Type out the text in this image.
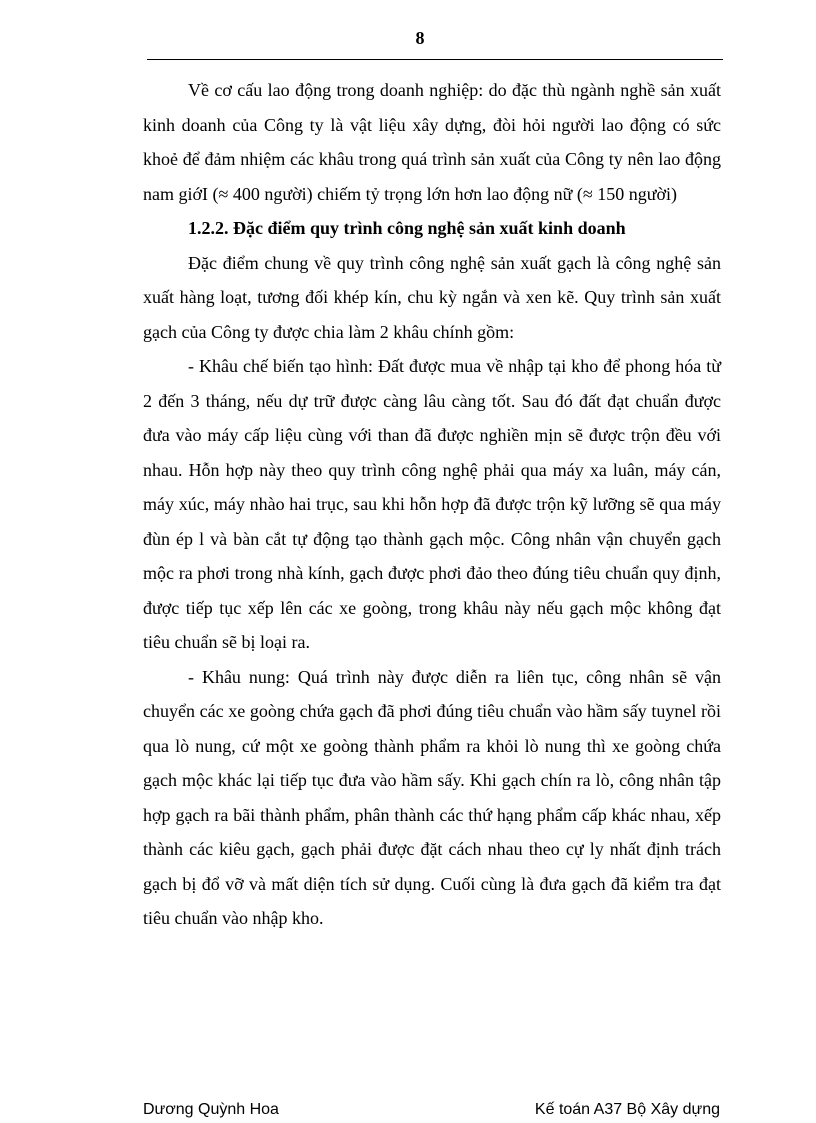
8

Về cơ cấu lao động trong doanh nghiệp: do đặc thù ngành nghề sản xuất kinh doanh của Công ty là vật liệu xây dựng, đòi hỏi người lao động có sức khoẻ để đảm nhiệm các khâu trong quá trình sản xuất của Công ty nên lao động nam giớI (≈ 400 người) chiếm tỷ trọng lớn hơn lao động nữ (≈ 150 người)

1.2.2. Đặc điểm quy trình công nghệ sản xuất kinh doanh

Đặc điểm chung về quy trình công nghệ sản xuất gạch là công nghệ sản xuất hàng loạt, tương đối khép kín, chu kỳ ngắn và xen kẽ. Quy trình sản xuất gạch của Công ty được chia làm 2 khâu chính gồm:

- Khâu chế biến tạo hình: Đất được mua về nhập tại kho để phong hóa từ 2 đến 3 tháng, nếu dự trữ được càng lâu càng tốt. Sau đó đất đạt chuẩn được đưa vào máy cấp liệu cùng với than đã được nghiền mịn sẽ được trộn đều với nhau. Hỗn hợp này theo quy trình công nghệ phải qua máy xa luân, máy cán, máy xúc, máy nhào hai trục, sau khi hỗn hợp đã được trộn kỹ lưỡng sẽ qua máy đùn ép l và bàn cắt tự động tạo thành gạch mộc. Công nhân vận chuyển gạch mộc ra phơi trong nhà kính, gạch được phơi đảo theo đúng tiêu chuẩn quy định, được tiếp tục xếp lên các xe goòng, trong khâu này nếu gạch mộc không đạt tiêu chuẩn sẽ bị loại ra.

- Khâu nung: Quá trình này được diễn ra liên tục, công nhân sẽ vận chuyển các xe goòng chứa gạch đã phơi đúng tiêu chuẩn vào hầm sấy tuynel rồi qua lò nung, cứ một xe goòng thành phẩm ra khỏi lò nung thì xe goòng chứa gạch mộc khác lại tiếp tục đưa vào hầm sấy. Khi gạch chín ra lò, công nhân tập hợp gạch ra bãi thành phẩm, phân thành các thứ hạng phẩm cấp khác nhau, xếp thành các kiêu gạch, gạch phải được đặt cách nhau theo cự ly nhất định trách gạch bị đổ vỡ và mất diện tích sử dụng. Cuối cùng là đưa gạch đã kiểm tra đạt tiêu chuẩn vào nhập kho.

Dương Quỳnh Hoa	Kế toán A37 Bộ Xây dựng
